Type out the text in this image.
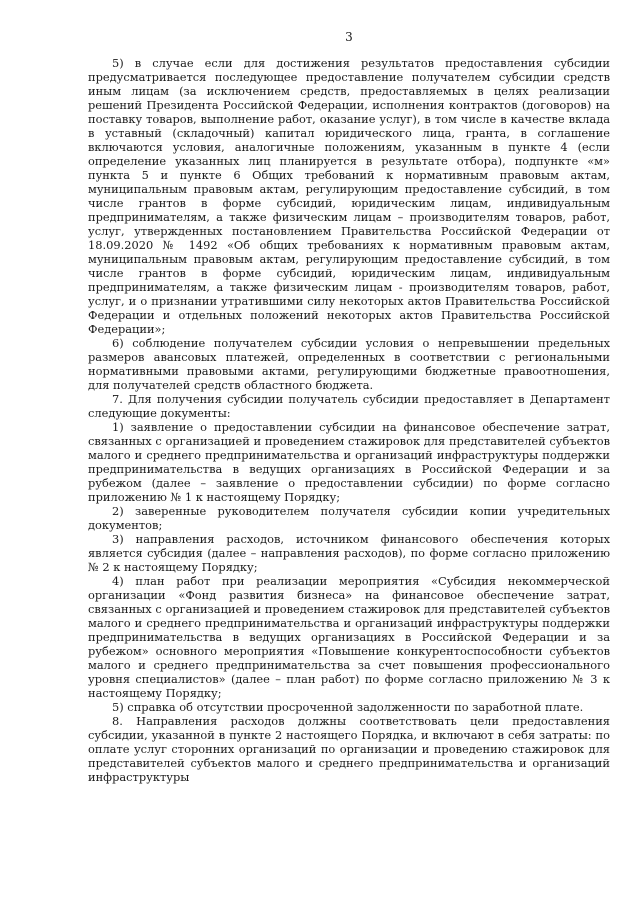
3

5) в случае если для достижения результатов предоставления субсидии предусматривается последующее предоставление получателем субсидии средств иным лицам (за исключением средств, предоставляемых в целях реализации решений Президента Российской Федерации, исполнения контрактов (договоров) на поставку товаров, выполнение работ, оказание услуг), в том числе в качестве вклада в уставный (складочный) капитал юридического лица, гранта, в соглашение включаются условия, аналогичные положениям, указанным в пункте 4 (если определение указанных лиц планируется в результате отбора), подпункте «м» пункта 5 и пункте 6 Общих требований к нормативным правовым актам, муниципальным правовым актам, регулирующим предоставление субсидий, в том числе грантов в форме субсидий, юридическим лицам, индивидуальным предпринимателям, а также физическим лицам – производителям товаров, работ, услуг, утвержденных постановлением Правительства Российской Федерации от 18.09.2020 № 1492 «Об общих требованиях к нормативным правовым актам, муниципальным правовым актам, регулирующим предоставление субсидий, в том числе грантов в форме субсидий, юридическим лицам, индивидуальным предпринимателям, а также физическим лицам - производителям товаров, работ, услуг, и о признании утратившими силу некоторых актов Правительства Российской Федерации и отдельных положений некоторых актов Правительства Российской Федерации»;

6) соблюдение получателем субсидии условия о непревышении предельных размеров авансовых платежей, определенных в соответствии с региональными нормативными правовыми актами, регулирующими бюджетные правоотношения, для получателей средств областного бюджета.

7. Для получения субсидии получатель субсидии предоставляет в Департамент следующие документы:

1) заявление о предоставлении субсидии на финансовое обеспечение затрат, связанных с организацией и проведением стажировок для представителей субъектов малого и среднего предпринимательства и организаций инфраструктуры поддержки предпринимательства в ведущих организациях в Российской Федерации и за рубежом (далее – заявление о предоставлении субсидии) по форме согласно приложению № 1 к настоящему Порядку;

2) заверенные руководителем получателя субсидии копии учредительных документов;

3) направления расходов, источником финансового обеспечения которых является субсидия (далее – направления расходов), по форме согласно приложению № 2 к настоящему Порядку;

4) план работ при реализации мероприятия «Субсидия некоммерческой организации «Фонд развития бизнеса» на финансовое обеспечение затрат, связанных с организацией и проведением стажировок для представителей субъектов малого и среднего предпринимательства и организаций инфраструктуры поддержки предпринимательства в ведущих организациях в Российской Федерации и за рубежом» основного мероприятия «Повышение конкурентоспособности субъектов малого и среднего предпринимательства за счет повышения профессионального уровня специалистов» (далее – план работ) по форме согласно приложению № 3 к настоящему Порядку;

5) справка об отсутствии просроченной задолженности по заработной плате.

8. Направления расходов должны соответствовать цели предоставления субсидии, указанной в пункте 2 настоящего Порядка, и включают в себя затраты: по оплате услуг сторонних организаций по организации и проведению стажировок для представителей субъектов малого и среднего предпринимательства и организаций инфраструктуры
